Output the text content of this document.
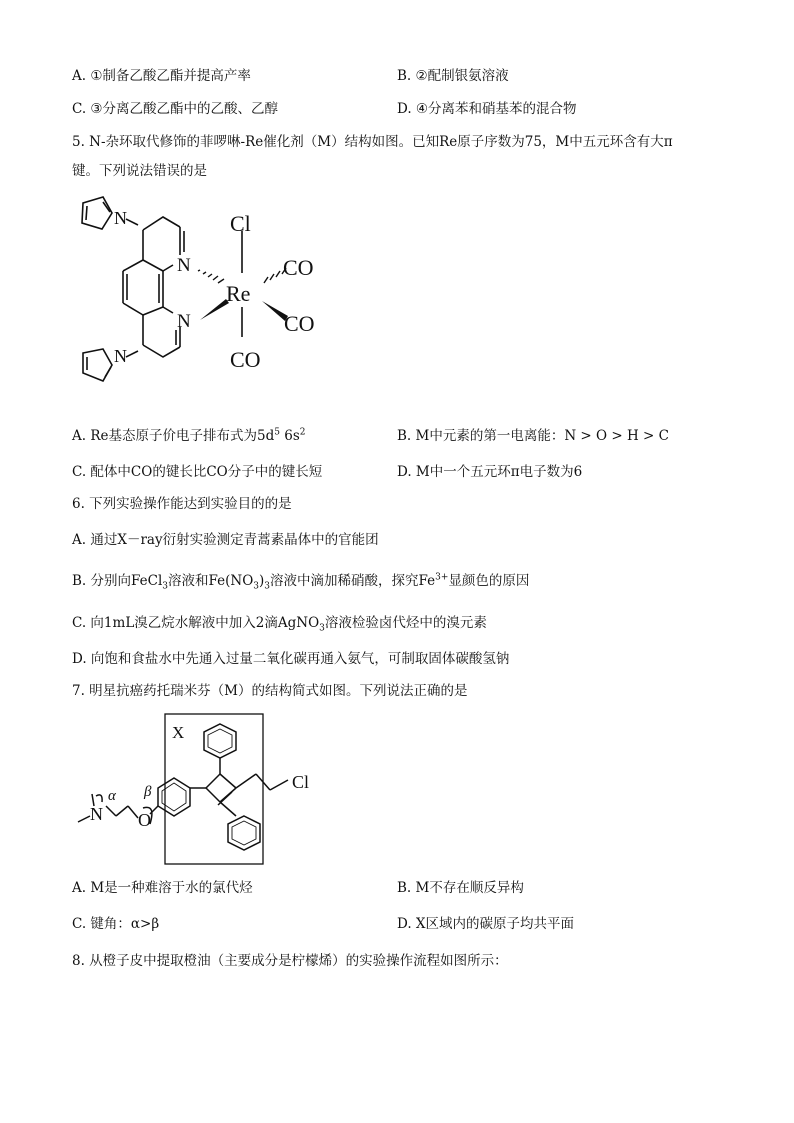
A. ①制备乙酸乙酯并提高产率	B. ②配制银氨溶液
C. ③分离乙酸乙酯中的乙酸、乙醇	D. ④分离苯和硝基苯的混合物
5. N-杂环取代修饰的菲啰啉-Re催化剂（M）结构如图。已知Re原子序数为75，M中五元环含有大π
键。下列说法错误的是
N
N
N
N
Cl
Re
CO
CO
CO
A. Re基态原子价电子排布式为$5d^5$ $6s^2$	B. M中元素的第一电离能：N > O > H > C
C. 配体中CO的键长比CO分子中的键长短	D. M中一个五元环π电子数为6
6. 下列实验操作能达到实验目的的是
A. 通过X－ray衍射实验测定青蒿素晶体中的官能团
B. 分别向FeCl$_3$溶液和$Fe(NO_3)_3$溶液中滴加稀硝酸，探究$Fe^{3+}$显颜色的原因
C. 向1mL溴乙烷水解液中加入2滴AgNO$_3$溶液检验卤代烃中的溴元素
D. 向饱和食盐水中先通入过量二氧化碳再通入氨气，可制取固体碳酸氢钠
7. 明星抗癌药托瑞米芬（M）的结构简式如图。下列说法正确的是
X
Cl
N O
α β
A. M是一种难溶于水的氯代烃	B. M不存在顺反异构
C. 键角：α>β	D. X区域内的碳原子均共平面
8. 从橙子皮中提取橙油（主要成分是柠檬烯）的实验操作流程如图所示：
